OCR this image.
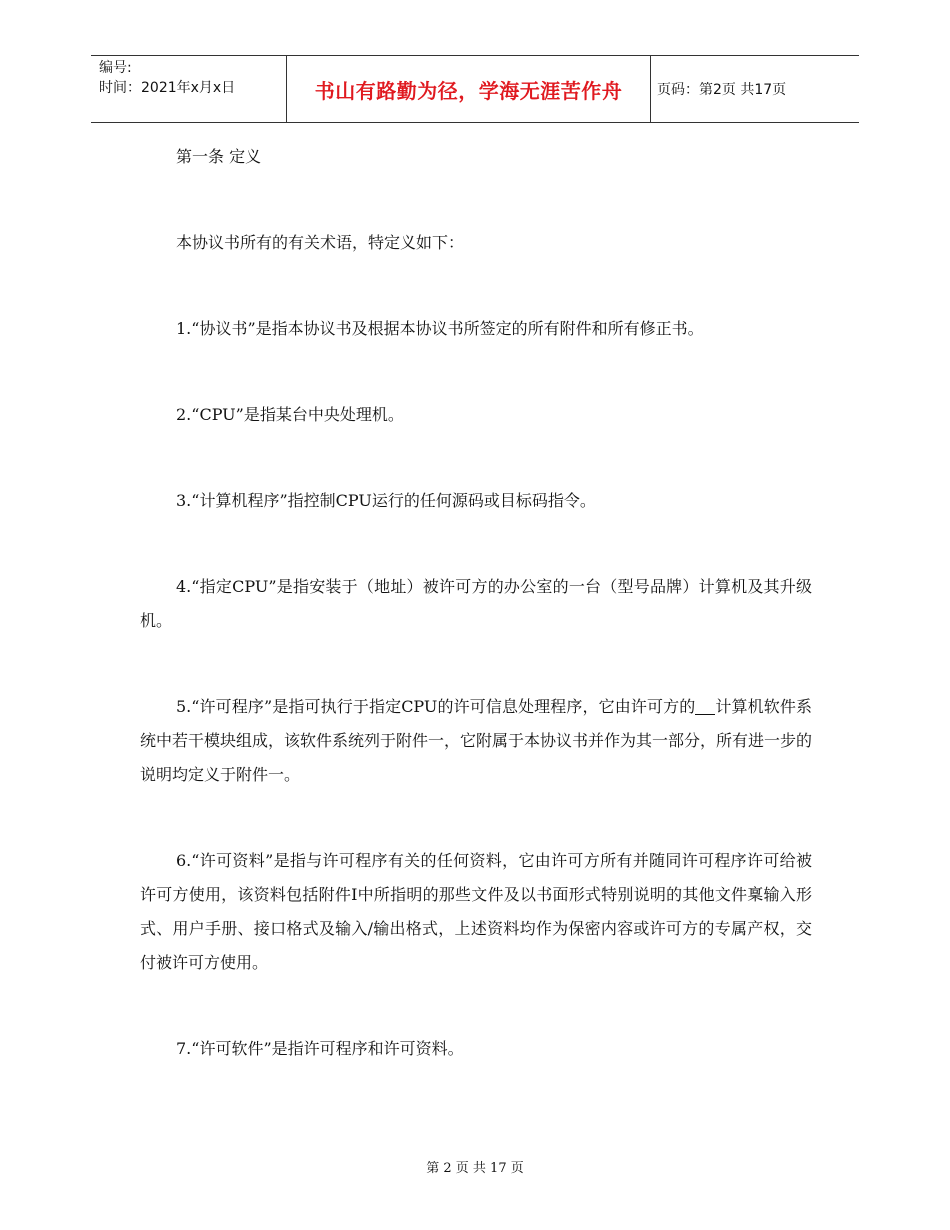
编号:
时间：2021年x月x日	书山有路勤为径，学海无涯苦作舟 页码：第2页 共17页

第一条 定义

本协议书所有的有关术语，特定义如下：

1.“协议书”是指本协议书及根据本协议书所签定的所有附件和所有修正书。

2.“CPU”是指某台中央处理机。

3.“计算机程序”指控制CPU运行的任何源码或目标码指令。

4.“指定CPU”是指安装于（地址）被许可方的办公室的一台（型号品牌）计算机及其升级机。

5.“许可程序”是指可执行于指定CPU的许可信息处理程序，它由许可方的 计算机软件系统中若干模块组成，该软件系统列于附件一，它附属于本协议书并作为其一部分，所有进一步的说明均定义于附件一。

6.“许可资料”是指与许可程序有关的任何资料，它由许可方所有并随同许可程序许可给被许可方使用，该资料包括附件I中所指明的那些文件及以书面形式特别说明的其他文件稟输入形式、用户手册、接口格式及输入/输出格式，上述资料均作为保密内容或许可方的专属产权，交付被许可方使用。

7.“许可软件”是指许可程序和许可资料。

第 2 页 共 17 页
